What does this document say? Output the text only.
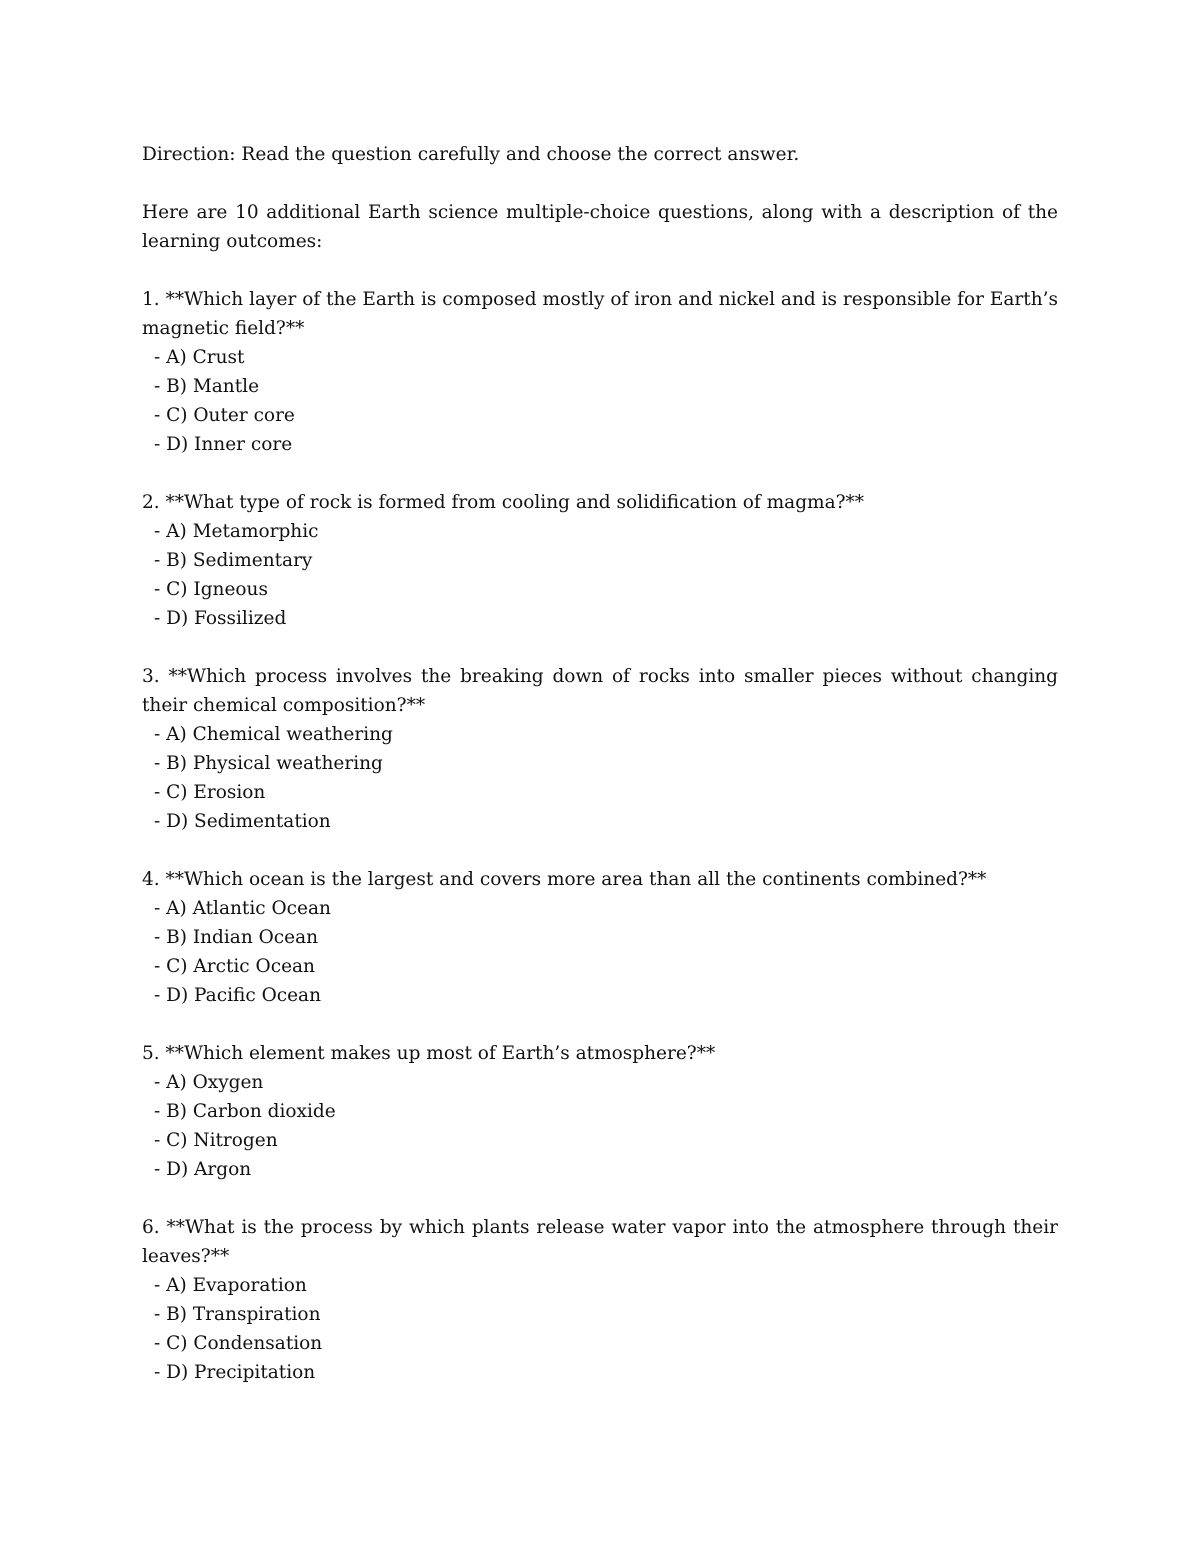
Direction: Read the question carefully and choose the correct answer.

Here are 10 additional Earth science multiple-choice questions, along with a description of the learning outcomes:

1. **Which layer of the Earth is composed mostly of iron and nickel and is responsible for Earth’s magnetic field?**

- A) Crust
- B) Mantle
- C) Outer core
- D) Inner core

2. **What type of rock is formed from cooling and solidification of magma?**

- A) Metamorphic
- B) Sedimentary
- C) Igneous
- D) Fossilized

3. **Which process involves the breaking down of rocks into smaller pieces without changing their chemical composition?**

- A) Chemical weathering
- B) Physical weathering
- C) Erosion
- D) Sedimentation

4. **Which ocean is the largest and covers more area than all the continents combined?**

- A) Atlantic Ocean
- B) Indian Ocean
- C) Arctic Ocean
- D) Pacific Ocean

5. **Which element makes up most of Earth’s atmosphere?**

- A) Oxygen
- B) Carbon dioxide
- C) Nitrogen
- D) Argon

6. **What is the process by which plants release water vapor into the atmosphere through their leaves?**

- A) Evaporation
- B) Transpiration
- C) Condensation
- D) Precipitation
